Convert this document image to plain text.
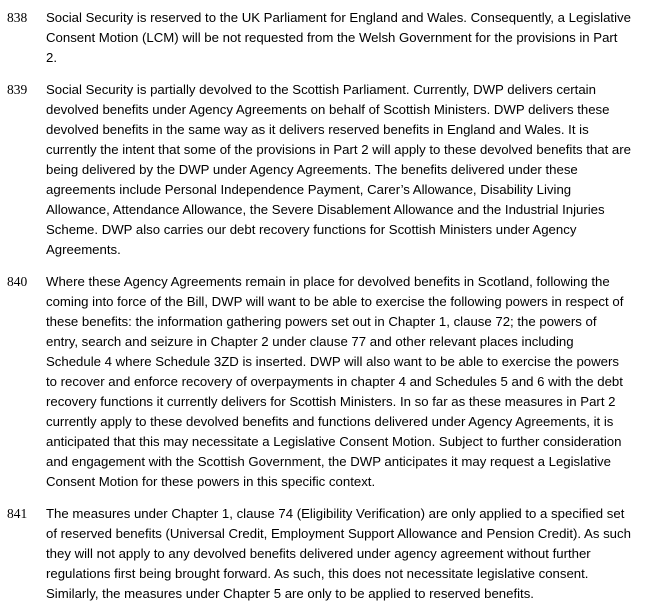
838 Social Security is reserved to the UK Parliament for England and Wales. Consequently, a Legislative Consent Motion (LCM) will be not requested from the Welsh Government for the provisions in Part 2.
839 Social Security is partially devolved to the Scottish Parliament. Currently, DWP delivers certain devolved benefits under Agency Agreements on behalf of Scottish Ministers. DWP delivers these devolved benefits in the same way as it delivers reserved benefits in England and Wales. It is currently the intent that some of the provisions in Part 2 will apply to these devolved benefits that are being delivered by the DWP under Agency Agreements. The benefits delivered under these agreements include Personal Independence Payment, Carer’s Allowance, Disability Living Allowance, Attendance Allowance, the Severe Disablement Allowance and the Industrial Injuries Scheme. DWP also carries our debt recovery functions for Scottish Ministers under Agency Agreements.
840 Where these Agency Agreements remain in place for devolved benefits in Scotland, following the coming into force of the Bill, DWP will want to be able to exercise the following powers in respect of these benefits: the information gathering powers set out in Chapter 1, clause 72; the powers of entry, search and seizure in Chapter 2 under clause 77 and other relevant places including Schedule 4 where Schedule 3ZD is inserted. DWP will also want to be able to exercise the powers to recover and enforce recovery of overpayments in chapter 4 and Schedules 5 and 6 with the debt recovery functions it currently delivers for Scottish Ministers. In so far as these measures in Part 2 currently apply to these devolved benefits and functions delivered under Agency Agreements, it is anticipated that this may necessitate a Legislative Consent Motion. Subject to further consideration and engagement with the Scottish Government, the DWP anticipates it may request a Legislative Consent Motion for these powers in this specific context.
841 The measures under Chapter 1, clause 74 (Eligibility Verification) are only applied to a specified set of reserved benefits (Universal Credit, Employment Support Allowance and Pension Credit). As such they will not apply to any devolved benefits delivered under agency agreement without further regulations first being brought forward. As such, this does not necessitate legislative consent. Similarly, the measures under Chapter 5 are only to be applied to reserved benefits.
